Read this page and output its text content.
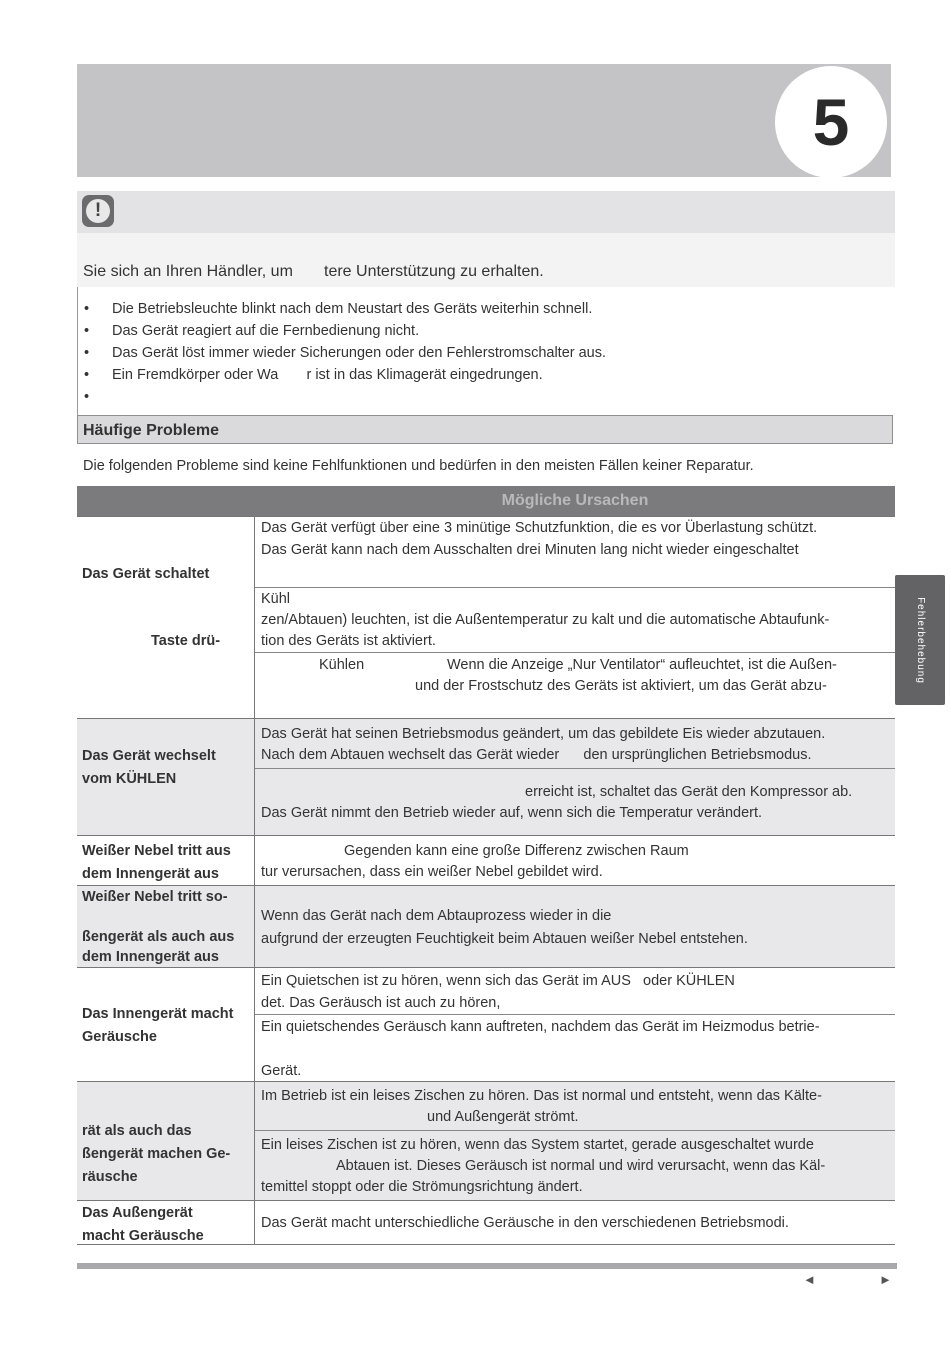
5
!
Sie sich an Ihren Händler, um       tere Unterstützung zu erhalten.
• Die Betriebsleuchte blinkt nach dem Neustart des Geräts weiterhin schnell.
• Das Gerät reagiert auf die Fernbedienung nicht.
• Das Gerät löst immer wieder Sicherungen oder den Fehlerstromschalter aus.
• Ein Fremdkörper oder Wa       r ist in das Klimagerät eingedrungen.
•
Häufige Probleme
Die folgenden Probleme sind keine Fehlfunktionen und bedürfen in den meisten Fällen keiner Reparatur.
Mögliche Ursachen
Das Gerät schaltet
Taste drü-
Das Gerät wechselt
vom KÜHLEN
Weißer Nebel tritt aus
dem Innengerät aus
Weißer Nebel tritt so-
ßengerät als auch aus
dem Innengerät aus
Das Innengerät macht
Geräusche
rät als auch das
ßengerät machen Ge-
räusche
Das Außengerät
macht Geräusche
Das Gerät verfügt über eine 3 minütige Schutzfunktion, die es vor Überlastung schützt.
Das Gerät kann nach dem Ausschalten drei Minuten lang nicht wieder eingeschaltet
Kühl
zen/Abtauen) leuchten, ist die Außentemperatur zu kalt und die automatische Abtaufunk-
tion des Geräts ist aktiviert.
Kühlen	Wenn die Anzeige „Nur Ventilator“ aufleuchtet, ist die Außen-
und der Frostschutz des Geräts ist aktiviert, um das Gerät abzu-
Das Gerät hat seinen Betriebsmodus geändert, um das gebildete Eis wieder abzutauen.
Nach dem Abtauen wechselt das Gerät wieder      den ursprünglichen Betriebsmodus.
erreicht ist, schaltet das Gerät den Kompressor ab.
Das Gerät nimmt den Betrieb wieder auf, wenn sich die Temperatur verändert.
Gegenden kann eine große Differenz zwischen Raum
tur verursachen, dass ein weißer Nebel gebildet wird.
Wenn das Gerät nach dem Abtauprozess wieder in die
aufgrund der erzeugten Feuchtigkeit beim Abtauen weißer Nebel entstehen.
Ein Quietschen ist zu hören, wenn sich das Gerät im AUS   oder KÜHLEN
det. Das Geräusch ist auch zu hören,
Ein quietschendes Geräusch kann auftreten, nachdem das Gerät im Heizmodus betrie-
Gerät.
Im Betrieb ist ein leises Zischen zu hören. Das ist normal und entsteht, wenn das Kälte-
und Außengerät strömt.
Ein leises Zischen ist zu hören, wenn das System startet, gerade ausgeschaltet wurde
Abtauen ist. Dieses Geräusch ist normal und wird verursacht, wenn das Käl-
temittel stoppt oder die Strömungsrichtung ändert.
Das Gerät macht unterschiedliche Geräusche in den verschiedenen Betriebsmodi.
Fehlerbehebung
◄	►
